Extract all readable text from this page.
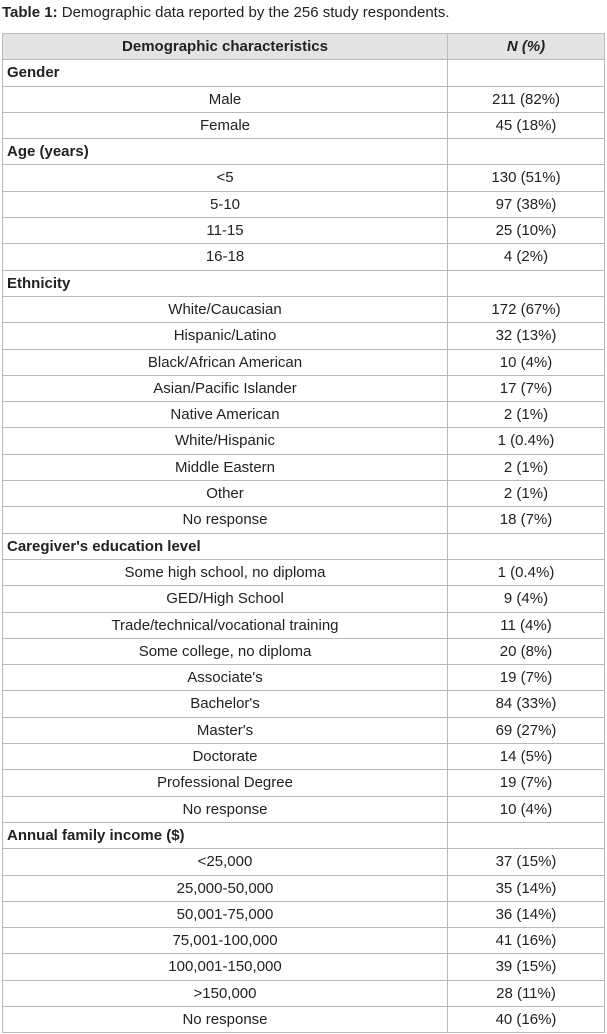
Table 1: Demographic data reported by the 256 study respondents.
Demographic characteristics	N (%)
Gender	
Male	211 (82%)
Female	45 (18%)
Age (years)	
<5	130 (51%)
5-10	97 (38%)
11-15	25 (10%)
16-18	4 (2%)
Ethnicity	
White/Caucasian	172 (67%)
Hispanic/Latino	32 (13%)
Black/African American	10 (4%)
Asian/Pacific Islander	17 (7%)
Native American	2 (1%)
White/Hispanic	1 (0.4%)
Middle Eastern	2 (1%)
Other	2 (1%)
No response	18 (7%)
Caregiver's education level	
Some high school, no diploma	1 (0.4%)
GED/High School	9 (4%)
Trade/technical/vocational training	11 (4%)
Some college, no diploma	20 (8%)
Associate's	19 (7%)
Bachelor's	84 (33%)
Master's	69 (27%)
Doctorate	14 (5%)
Professional Degree	19 (7%)
No response	10 (4%)
Annual family income ($)	
<25,000	37 (15%)
25,000-50,000	35 (14%)
50,001-75,000	36 (14%)
75,001-100,000	41 (16%)
100,001-150,000	39 (15%)
>150,000	28 (11%)
No response	40 (16%)
